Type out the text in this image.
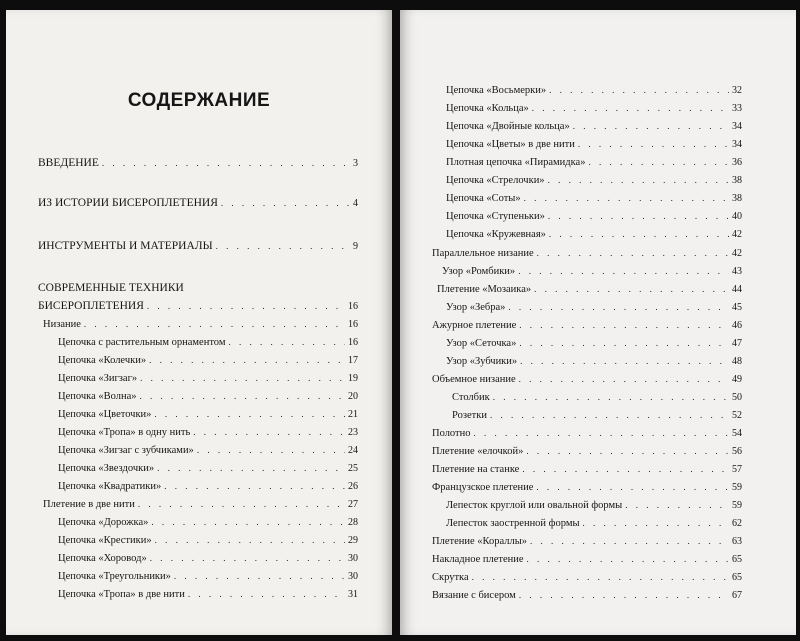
СОДЕРЖАНИЕ
ВВЕДЕНИЕ . . .	3
ИЗ ИСТОРИИ БИСЕРОПЛЕТЕНИЯ . . .	4
ИНСТРУМЕНТЫ И МАТЕРИАЛЫ . . .	9
СОВРЕМЕННЫЕ ТЕХНИКИ
БИСЕРОПЛЕТЕНИЯ . . .	16
Низание . . .	16
Цепочка с растительным орнаментом . . .	16
Цепочка «Колечки» . . .	17
Цепочка «Зигзаг» . . .	19
Цепочка «Волна» . . .	20
Цепочка «Цветочки» . . .	21
Цепочка «Тропа» в одну нить . . .	23
Цепочка «Зигзаг с зубчиками» . . .	24
Цепочка «Звездочки» . . .	25
Цепочка «Квадратики» . . .	26
Плетение в две нити . . .	27
Цепочка «Дорожка» . . .	28
Цепочка «Крестики» . . .	29
Цепочка «Хоровод» . . .	30
Цепочка «Треугольники» . . .	30
Цепочка «Тропа» в две нити . . .	31
Цепочка «Восьмерки» . . .	32
Цепочка «Кольца» . . .	33
Цепочка «Двойные кольца» . . .	34
Цепочка «Цветы» в две нити . . .	34
Плотная цепочка «Пирамидка» . . .	36
Цепочка «Стрелочки» . . .	38
Цепочка «Соты» . . .	38
Цепочка «Ступеньки» . . .	40
Цепочка «Кружевная» . . .	42
Параллельное низание . . .	42
Узор «Ромбики» . . .	43
Плетение «Мозаика» . . .	44
Узор «Зебра» . . .	45
Ажурное плетение . . .	46
Узор «Сеточка» . . .	47
Узор «Зубчики» . . .	48
Объемное низание . . .	49
Столбик . . .	50
Розетки . . .	52
Полотно . . .	54
Плетение «елочкой» . . .	56
Плетение на станке . . .	57
Французское плетение . . .	59
Лепесток круглой или овальной формы . . .	59
Лепесток заостренной формы . . .	62
Плетение «Кораллы» . . .	63
Накладное плетение . . .	65
Скрутка . . .	65
Вязание с бисером . . .	67
